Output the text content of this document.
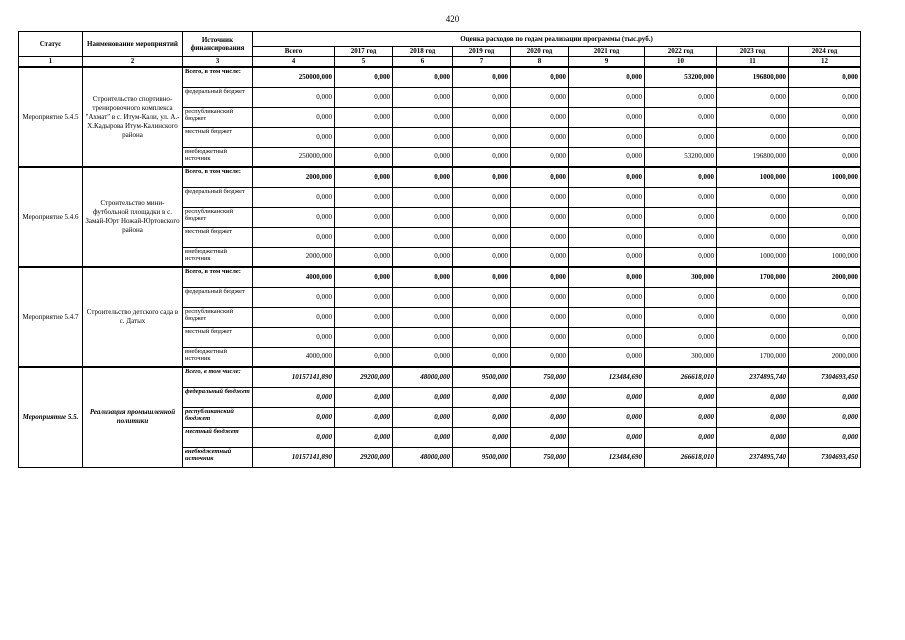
420
Статус	Наименование мероприятий	Источник финансирования	Оценка расходов по годам реализации программы (тыс.руб.)								
			Всего	2017 год	2018 год	2019 год	2020 год	2021 год	2022 год	2023 год	2024 год
1	2	3	4	5	6	7	8	9	10	11	12
Мероприятие 5.4.5	Строительство спортивно-тренировочного комплекса "Ахмат" в с. Итум-Кали, ул. А.-Х.Кадырова Итум-Калинского района	Всего, в том числе:	250000,000	0,000	0,000	0,000	0,000	0,000	53200,000	196800,000	0,000
		федеральный бюджет	0,000	0,000	0,000	0,000	0,000	0,000	0,000	0,000	0,000
		республиканский бюджет	0,000	0,000	0,000	0,000	0,000	0,000	0,000	0,000	0,000
		местный бюджет	0,000	0,000	0,000	0,000	0,000	0,000	0,000	0,000	0,000
		внебюджетный источник	250000,000	0,000	0,000	0,000	0,000	0,000	53200,000	196800,000	0,000
Мероприятие 5.4.6	Строительство мини-футбольной площадки в с. Замай-Юрт Ножай-Юртовского района	Всего, в том числе:	2000,000	0,000	0,000	0,000	0,000	0,000	0,000	1000,000	1000,000
		федеральный бюджет	0,000	0,000	0,000	0,000	0,000	0,000	0,000	0,000	0,000
		республиканский бюджет	0,000	0,000	0,000	0,000	0,000	0,000	0,000	0,000	0,000
		местный бюджет	0,000	0,000	0,000	0,000	0,000	0,000	0,000	0,000	0,000
		внебюджетный источник	2000,000	0,000	0,000	0,000	0,000	0,000	0,000	1000,000	1000,000
Мероприятие 5.4.7	Строительство детского сада в с. Датых	Всего, в том числе:	4000,000	0,000	0,000	0,000	0,000	0,000	300,000	1700,000	2000,000
		федеральный бюджет	0,000	0,000	0,000	0,000	0,000	0,000	0,000	0,000	0,000
		республиканский бюджет	0,000	0,000	0,000	0,000	0,000	0,000	0,000	0,000	0,000
		местный бюджет	0,000	0,000	0,000	0,000	0,000	0,000	0,000	0,000	0,000
		внебюджетный источник	4000,000	0,000	0,000	0,000	0,000	0,000	300,000	1700,000	2000,000
Мероприятие 5.5.	Реализация промышленной политики	Всего, в том числе:	10157141,890	29200,000	48000,000	9500,000	750,000	123484,690	266618,010	2374895,740	7304693,450
		федеральный бюджет	0,000	0,000	0,000	0,000	0,000	0,000	0,000	0,000	0,000
		республиканский бюджет	0,000	0,000	0,000	0,000	0,000	0,000	0,000	0,000	0,000
		местный бюджет	0,000	0,000	0,000	0,000	0,000	0,000	0,000	0,000	0,000
		внебюджетный источник	10157141,890	29200,000	48000,000	9500,000	750,000	123484,690	266618,010	2374895,740	7304693,450
